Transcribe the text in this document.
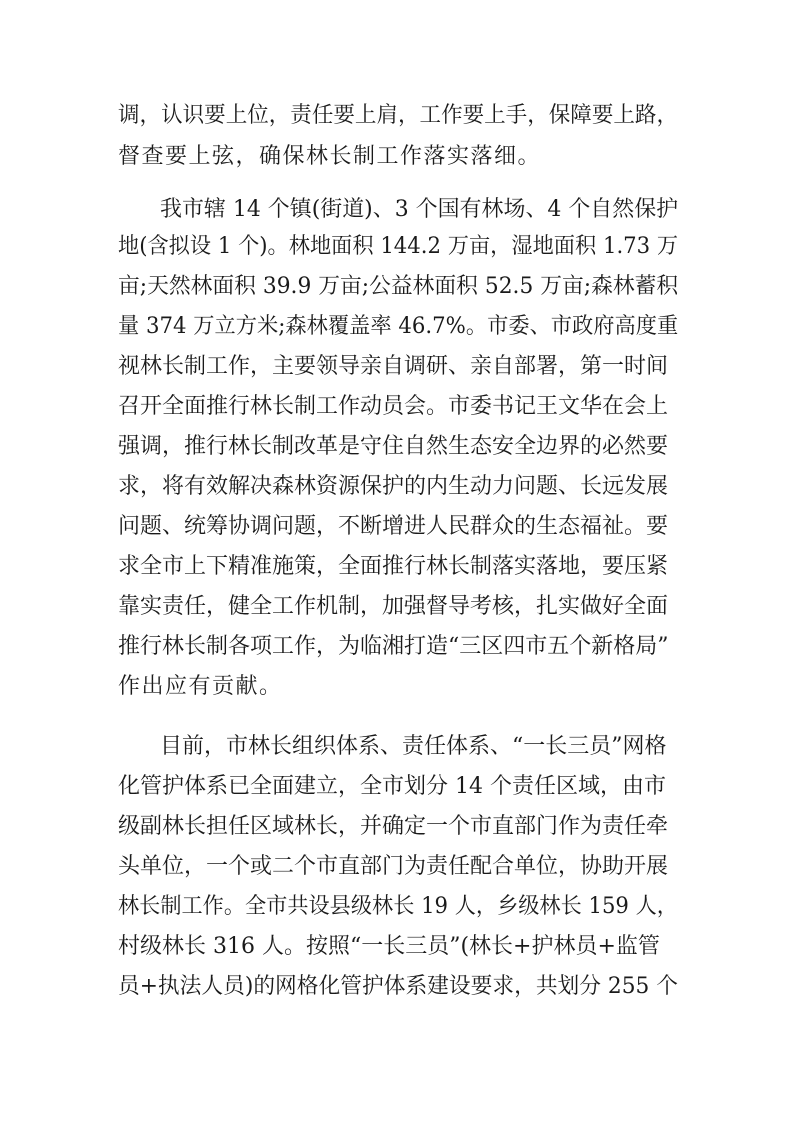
调，认识要上位，责任要上肩，工作要上手，保障要上路，
督查要上弦，确保林长制工作落实落细。
我市辖 14 个镇(街道)、3 个国有林场、4 个自然保护
地(含拟设 1 个)。林地面积 144.2 万亩，湿地面积 1.73 万
亩;天然林面积 39.9 万亩;公益林面积 52.5 万亩;森林蓄积
量 374 万立方米;森林覆盖率 46.7%。市委、市政府高度重
视林长制工作，主要领导亲自调研、亲自部署，第一时间
召开全面推行林长制工作动员会。市委书记王文华在会上
强调，推行林长制改革是守住自然生态安全边界的必然要
求，将有效解决森林资源保护的内生动力问题、长远发展
问题、统筹协调问题，不断增进人民群众的生态福祉。要
求全市上下精准施策，全面推行林长制落实落地，要压紧
靠实责任，健全工作机制，加强督导考核，扎实做好全面
推行林长制各项工作，为临湘打造“三区四市五个新格局”
作出应有贡献。
目前，市林长组织体系、责任体系、“一长三员”网格
化管护体系已全面建立，全市划分 14 个责任区域，由市
级副林长担任区域林长，并确定一个市直部门作为责任牵
头单位，一个或二个市直部门为责任配合单位，协助开展
林长制工作。全市共设县级林长 19 人，乡级林长 159 人，
村级林长 316 人。按照“一长三员”(林长+护林员+监管
员+执法人员)的网格化管护体系建设要求，共划分 255 个
